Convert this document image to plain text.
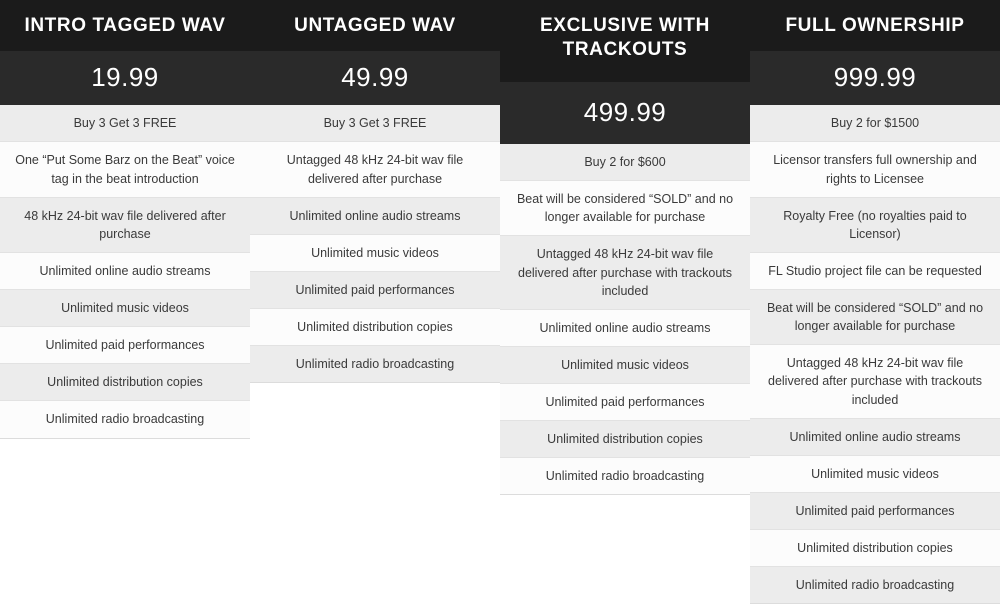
INTRO TAGGED WAV
19.99
Buy 3 Get 3 FREE
One “Put Some Barz on the Beat” voice tag in the beat introduction
48 kHz 24-bit wav file delivered after purchase
Unlimited online audio streams
Unlimited music videos
Unlimited paid performances
Unlimited distribution copies
Unlimited radio broadcasting
UNTAGGED WAV
49.99
Buy 3 Get 3 FREE
Untagged 48 kHz 24-bit wav file delivered after purchase
Unlimited online audio streams
Unlimited music videos
Unlimited paid performances
Unlimited distribution copies
Unlimited radio broadcasting
EXCLUSIVE WITH TRACKOUTS
499.99
Buy 2 for $600
Beat will be considered “SOLD” and no longer available for purchase
Untagged 48 kHz 24-bit wav file delivered after purchase with trackouts included
Unlimited online audio streams
Unlimited music videos
Unlimited paid performances
Unlimited distribution copies
Unlimited radio broadcasting
FULL OWNERSHIP
999.99
Buy 2 for $1500
Licensor transfers full ownership and rights to Licensee
Royalty Free (no royalties paid to Licensor)
FL Studio project file can be requested
Beat will be considered “SOLD” and no longer available for purchase
Untagged 48 kHz 24-bit wav file delivered after purchase with trackouts included
Unlimited online audio streams
Unlimited music videos
Unlimited paid performances
Unlimited distribution copies
Unlimited radio broadcasting
